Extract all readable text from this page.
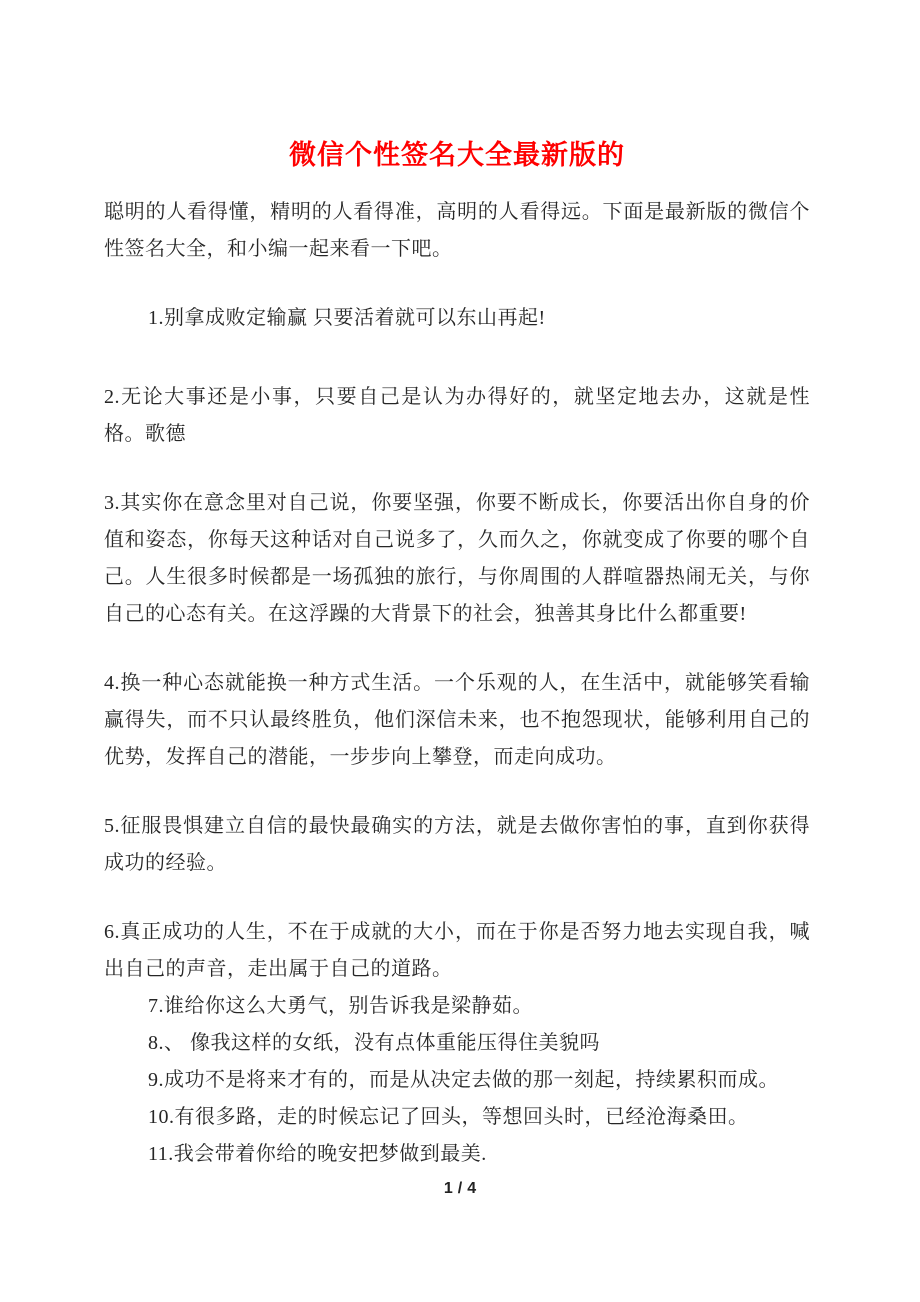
微信个性签名大全最新版的

聪明的人看得懂，精明的人看得准，高明的人看得远。下面是最新版的微信个性签名大全，和小编一起来看一下吧。

1.别拿成败定输赢 只要活着就可以东山再起!

2.无论大事还是小事，只要自己是认为办得好的，就坚定地去办，这就是性格。歌德

3.其实你在意念里对自己说，你要坚强，你要不断成长，你要活出你自身的价值和姿态，你每天这种话对自己说多了，久而久之，你就变成了你要的哪个自己。人生很多时候都是一场孤独的旅行，与你周围的人群喧器热闹无关，与你自己的心态有关。在这浮躁的大背景下的社会，独善其身比什么都重要!

4.换一种心态就能换一种方式生活。一个乐观的人，在生活中，就能够笑看输赢得失，而不只认最终胜负，他们深信未来，也不抱怨现状，能够利用自己的优势，发挥自己的潜能，一步步向上攀登，而走向成功。

5.征服畏惧建立自信的最快最确实的方法，就是去做你害怕的事，直到你获得成功的经验。

6.真正成功的人生，不在于成就的大小，而在于你是否努力地去实现自我，喊出自己的声音，走出属于自己的道路。

7.谁给你这么大勇气，别告诉我是梁静茹。

8.、 像我这样的女纸，没有点体重能压得住美貌吗

9.成功不是将来才有的，而是从决定去做的那一刻起，持续累积而成。

10.有很多路，走的时候忘记了回头，等想回头时，已经沧海桑田。

11.我会带着你给的晚安把梦做到最美.

1 / 4
